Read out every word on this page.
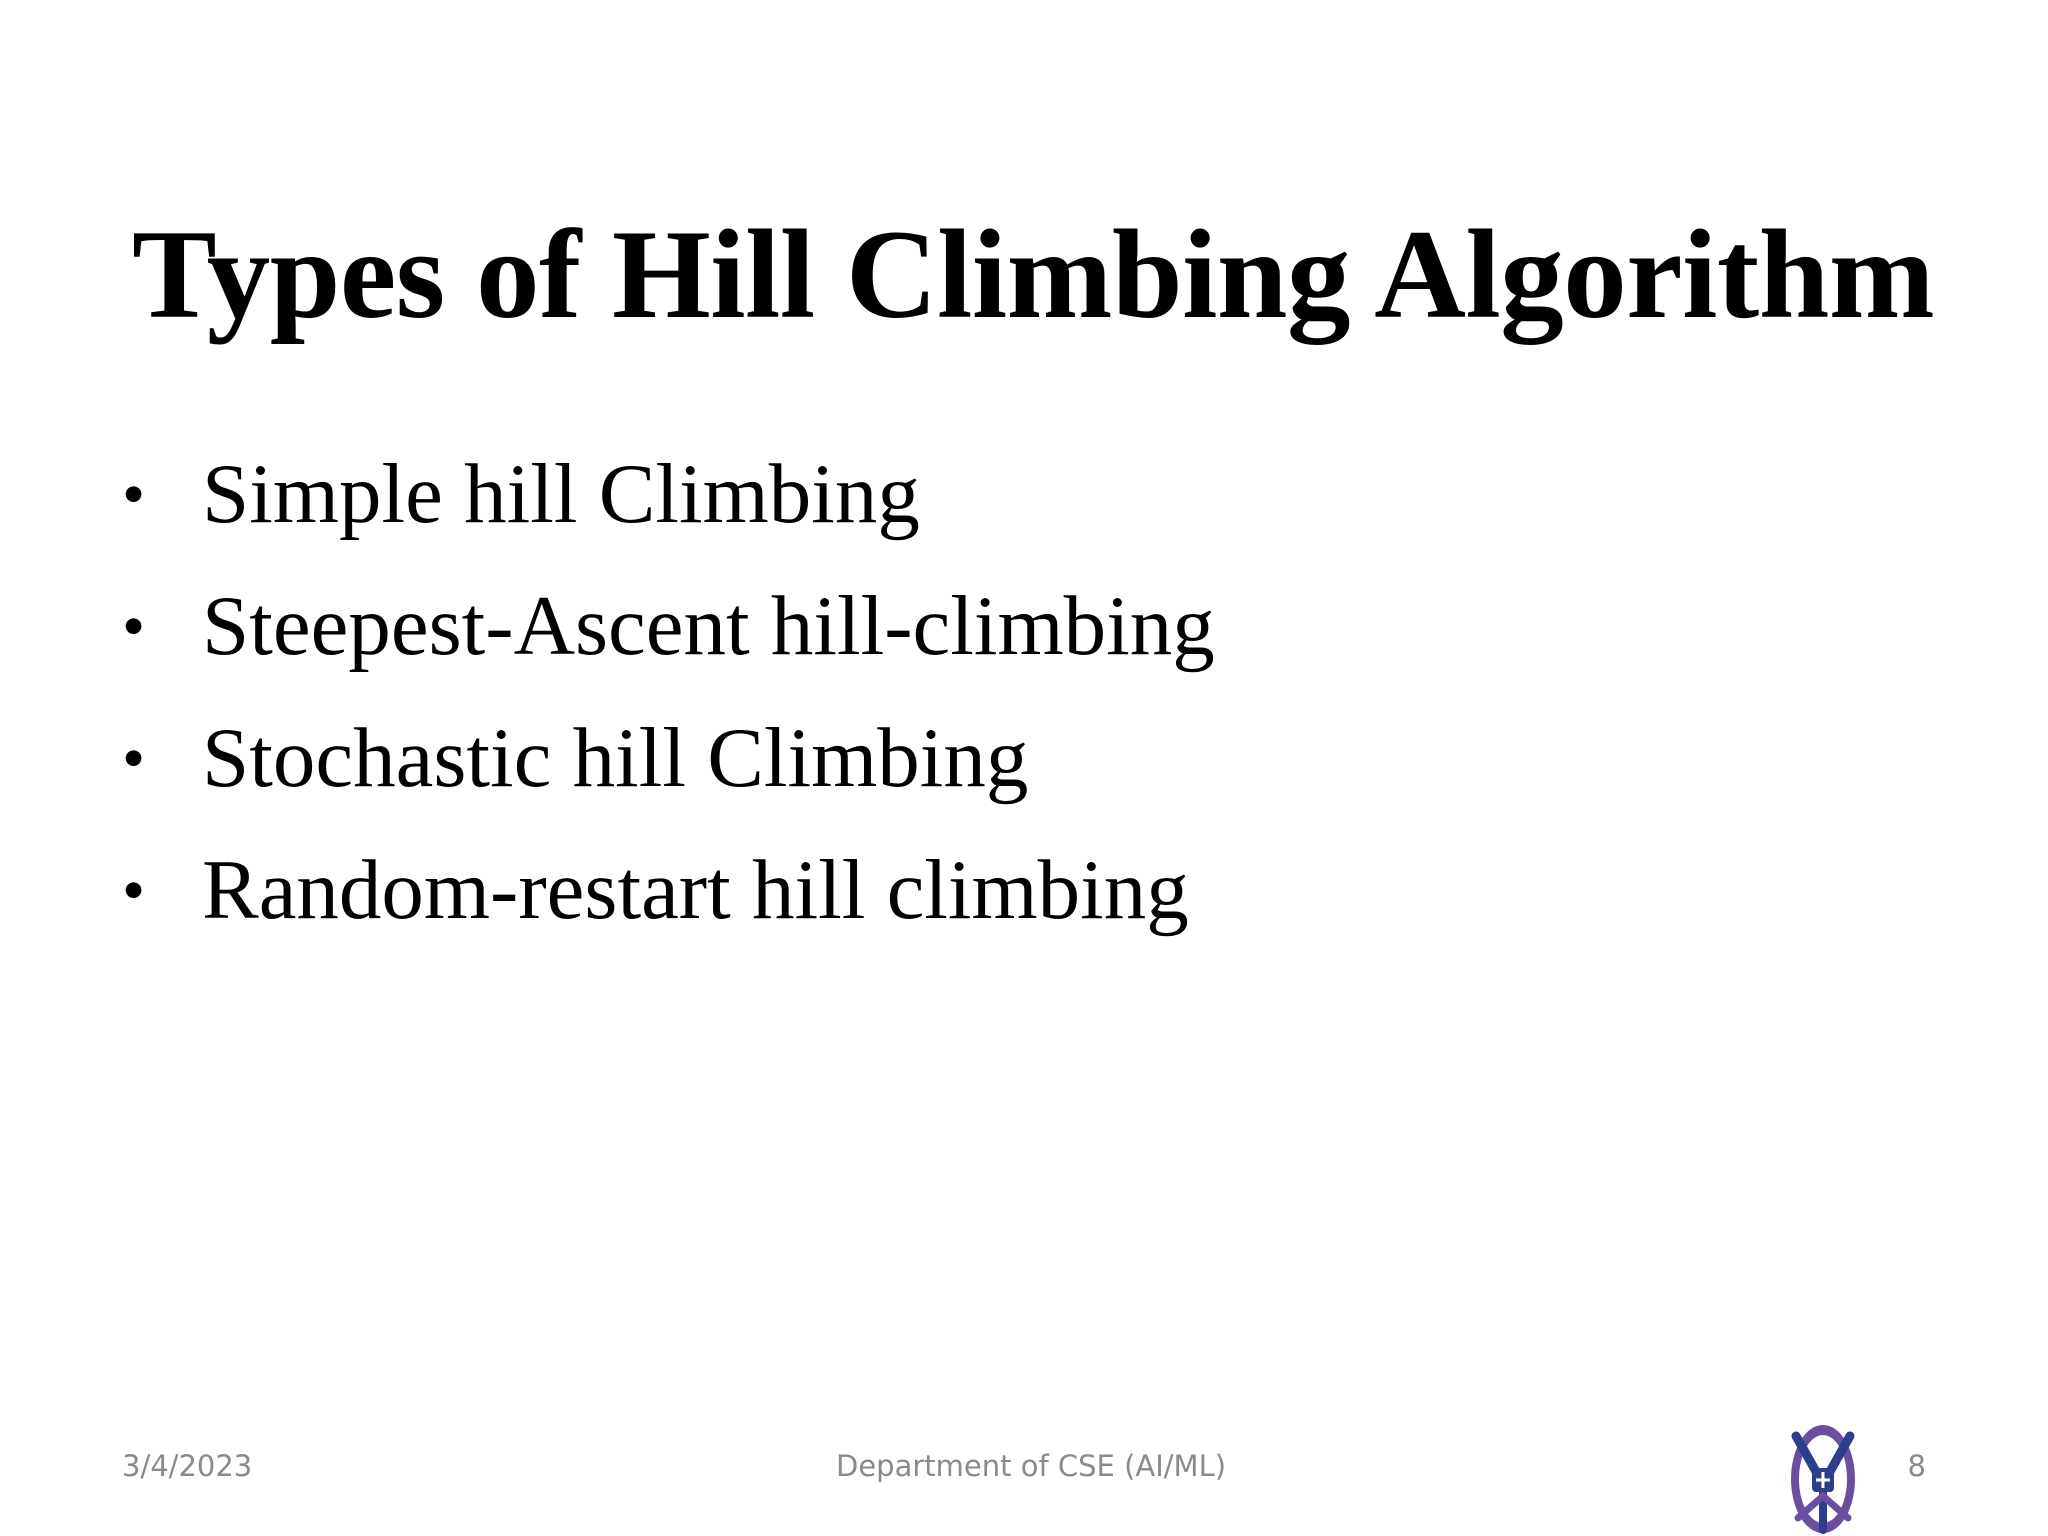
Types of Hill Climbing Algorithm
• Simple hill Climbing
• Steepest-Ascent hill-climbing
• Stochastic hill Climbing
• Random-restart hill climbing
3/4/2023	Department of CSE (AI/ML)	8
